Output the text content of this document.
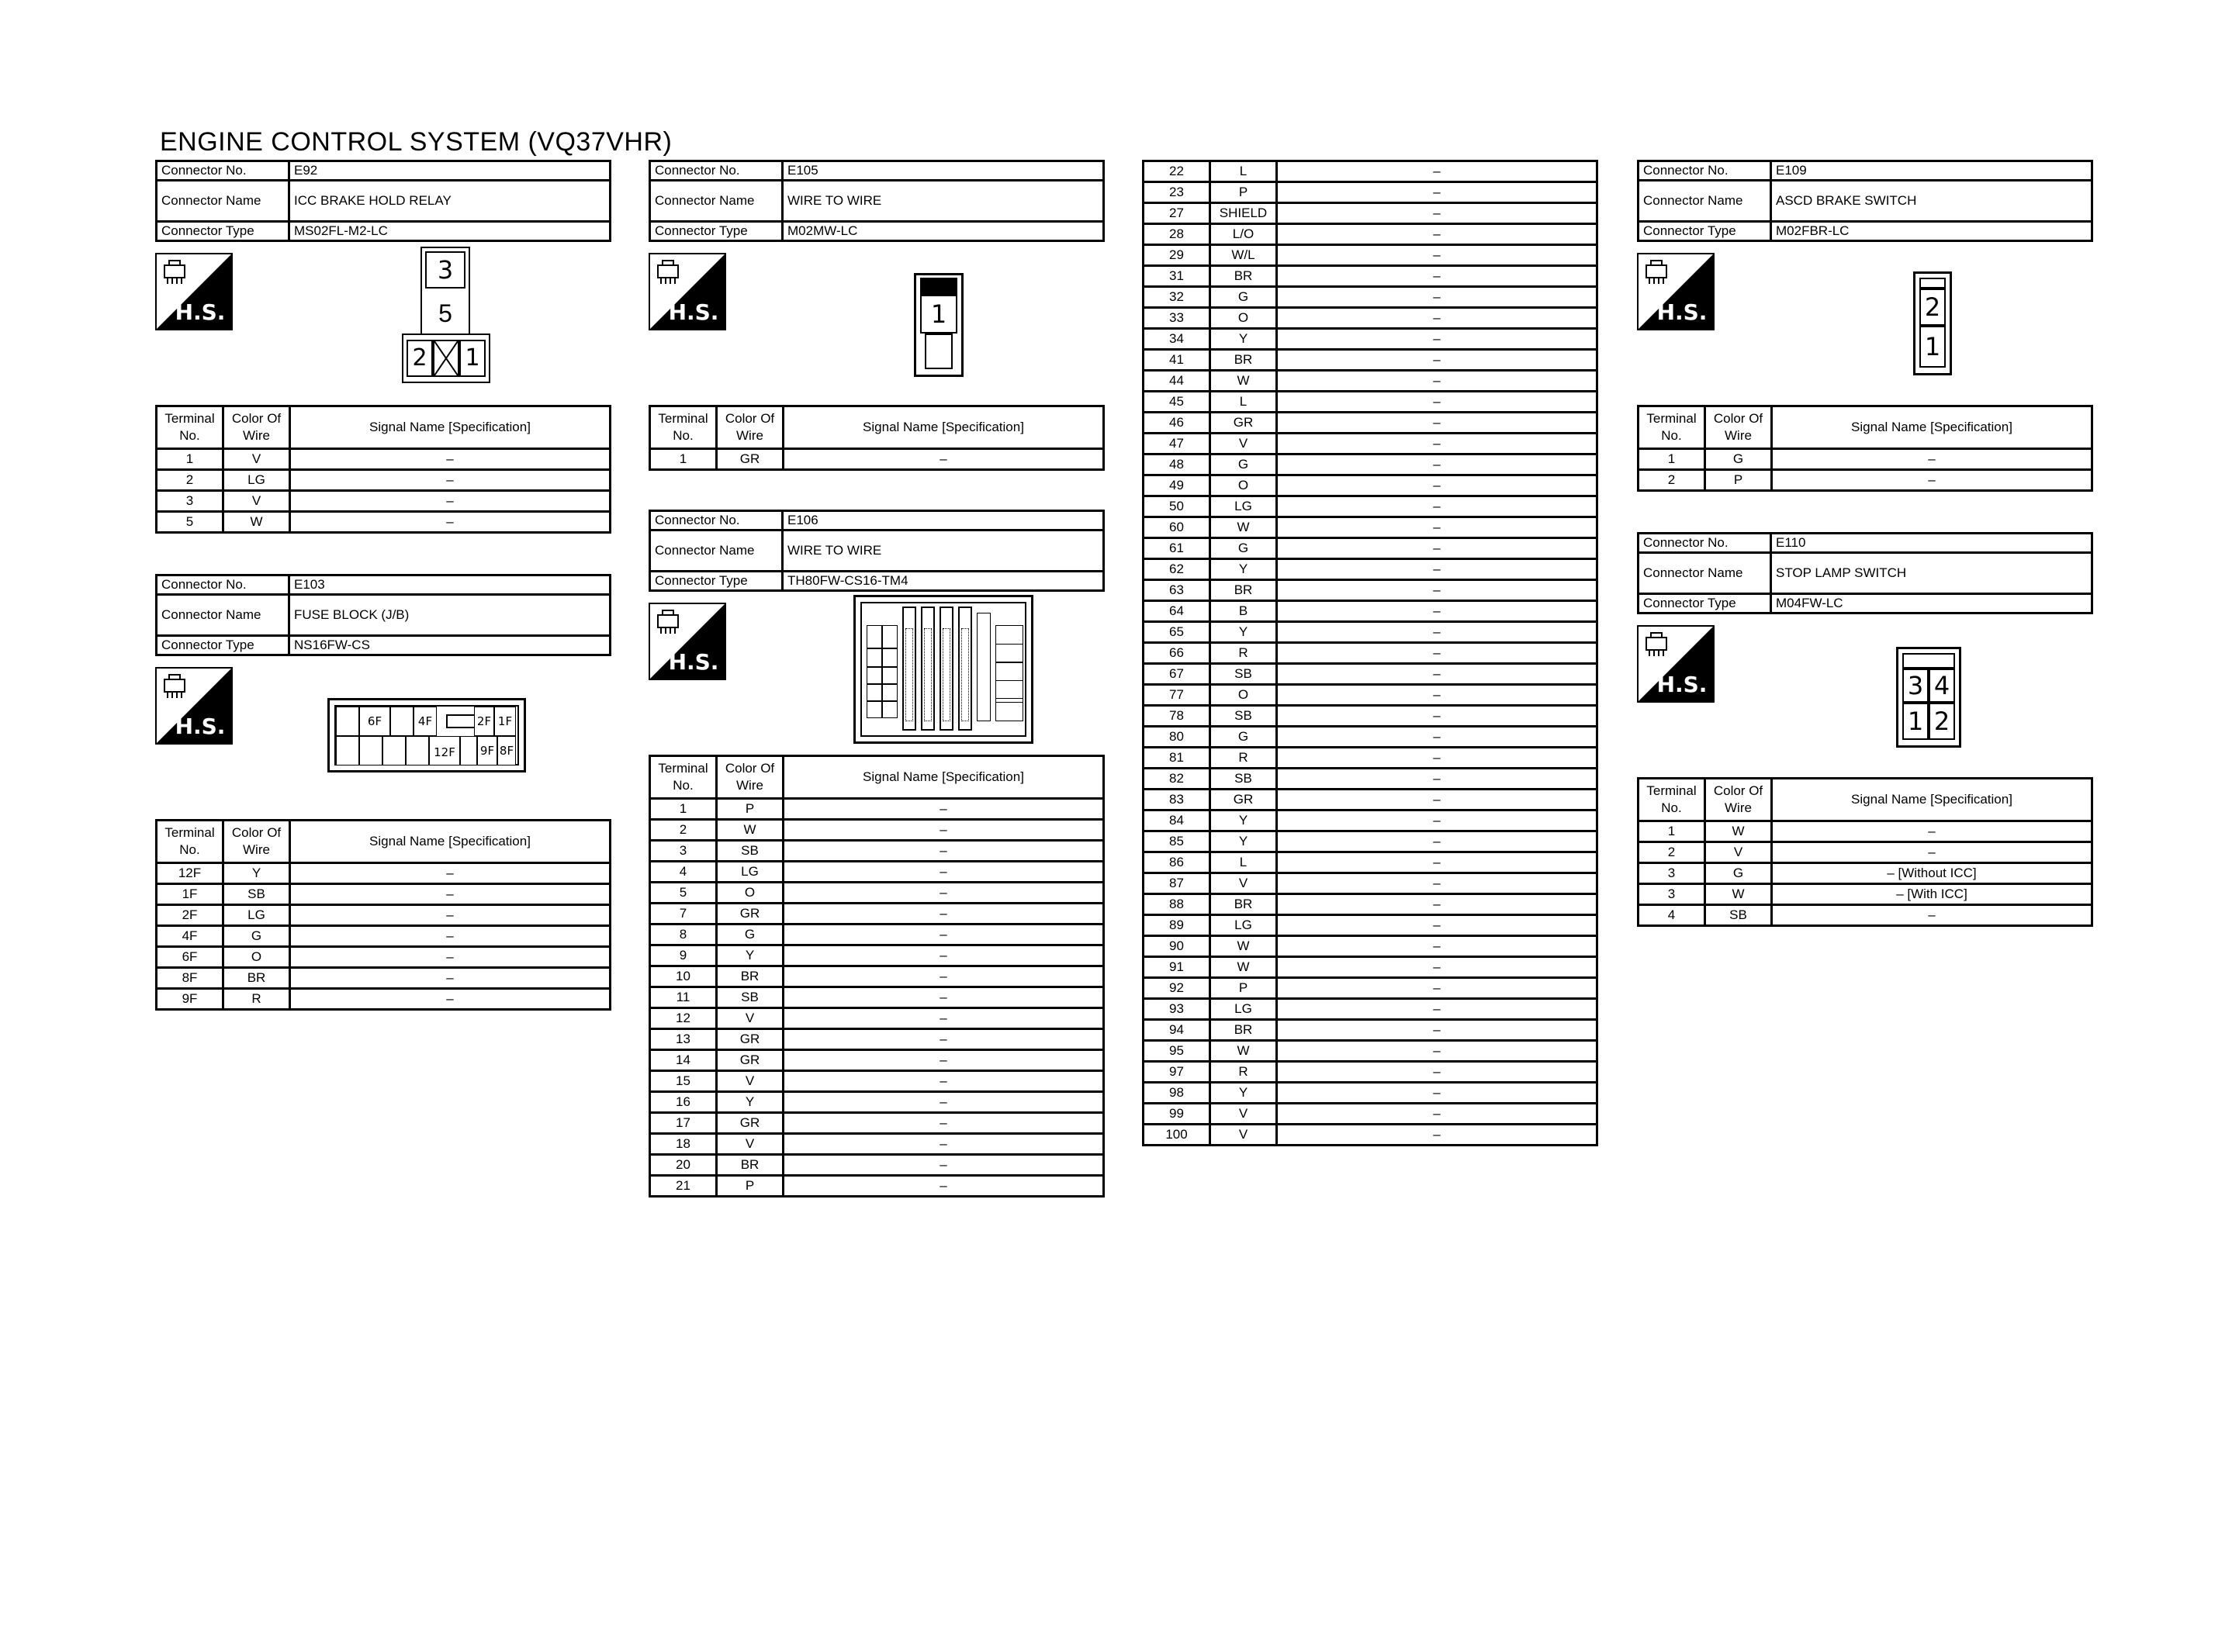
ENGINE CONTROL SYSTEM (VQ37VHR)
Connector No.	E92
Connector Name	ICC BRAKE HOLD RELAY
Connector Type	MS02FL-M2-LC
H.S.
3
5
2 1
Terminal No.	Color Of Wire	Signal Name [Specification]
1	V	–
2	LG	–
3	V	–
5	W	–
Connector No.	E103
Connector Name	FUSE BLOCK (J/B)
Connector Type	NS16FW-CS
H.S.	6F	4F	2F 1F
12F	9F 8F
Terminal No.	Color Of Wire	Signal Name [Specification]
12F	Y	–
1F	SB	–
2F	LG	–
4F	G	–
6F	O	–
8F	BR	–
9F	R	–
Connector No.	E105
Connector Name	WIRE TO WIRE
Connector Type	M02MW-LC
H.S.	1
Terminal No.	Color Of Wire	Signal Name [Specification]
1	GR	–
Connector No.	E106
Connector Name	WIRE TO WIRE
Connector Type	TH80FW-CS16-TM4
H.S.
Terminal No.	Color Of Wire	Signal Name [Specification]
1	P	–
2	W	–
3	SB	–
4	LG	–
5	O	–
7	GR	–
8	G	–
9	Y	–
10	BR	–
11	SB	–
12	V	–
13	GR	–
14	GR	–
15	V	–
16	Y	–
17	GR	–
18	V	–
20	BR	–
21	P	–
22	L	–
23	P	–
27	SHIELD	–
28	L/O	–
29	W/L	–
31	BR	–
32	G	–
33	O	–
34	Y	–
41	BR	–
44	W	–
45	L	–
46	GR	–
47	V	–
48	G	–
49	O	–
50	LG	–
60	W	–
61	G	–
62	Y	–
63	BR	–
64	B	–
65	Y	–
66	R	–
67	SB	–
77	O	–
78	SB	–
80	G	–
81	R	–
82	SB	–
83	GR	–
84	Y	–
85	Y	–
86	L	–
87	V	–
88	BR	–
89	LG	–
90	W	–
91	W	–
92	P	–
93	LG	–
94	BR	–
95	W	–
97	R	–
98	Y	–
99	V	–
100	V	–
Connector No.	E109
Connector Name	ASCD BRAKE SWITCH
Connector Type	M02FBR-LC
H.S.	2
1
Terminal No.	Color Of Wire	Signal Name [Specification]
1	G	–
2	P	–
Connector No.	E110
Connector Name	STOP LAMP SWITCH
Connector Type	M04FW-LC
H.S.	3 4
1 2
Terminal No.	Color Of Wire	Signal Name [Specification]
1	W	–
2	V	–
3	G	– [Without ICC]
3	W	– [With ICC]
4	SB	–
